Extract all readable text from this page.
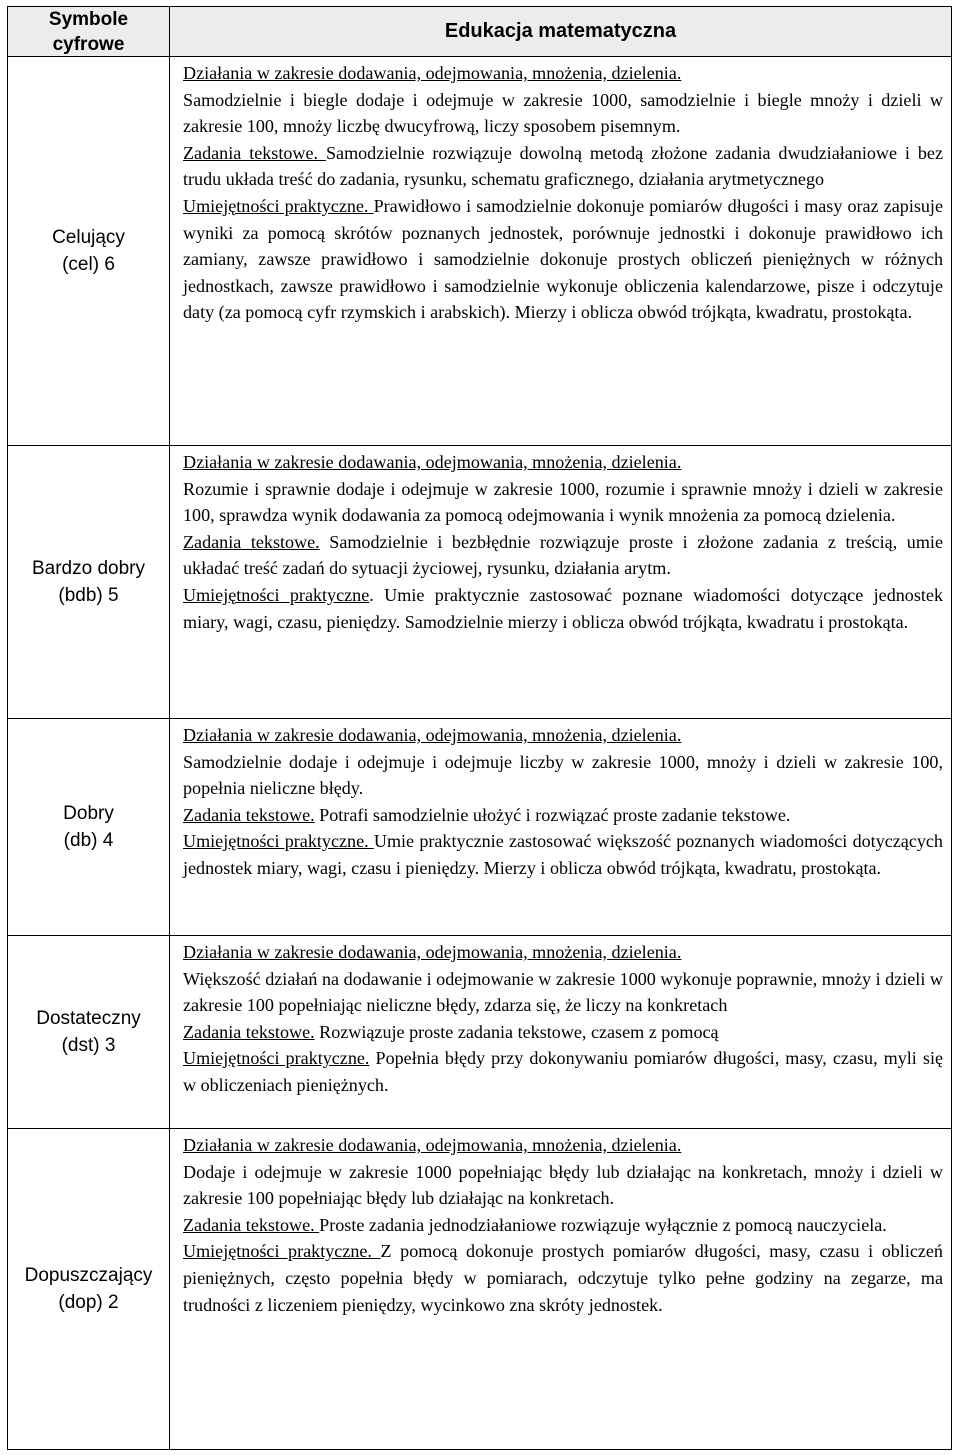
Symbole
cyfrowe
Edukacja matematyczna
Celujący
(cel) 6

Działania w zakresie dodawania, odejmowania, mnożenia, dzielenia.

Samodzielnie i biegle dodaje i odejmuje w zakresie 1000, samodzielnie i biegle mnoży i dzieli w zakresie 100, mnoży liczbę dwucyfrową, liczy sposobem pisemnym.

Zadania tekstowe. Samodzielnie rozwiązuje dowolną metodą złożone zadania dwudziałaniowe i bez trudu układa treść do zadania, rysunku, schematu graficznego, działania arytmetycznego

Umiejętności praktyczne. Prawidłowo i samodzielnie dokonuje pomiarów długości i masy oraz zapisuje wyniki za pomocą skrótów poznanych jednostek, porównuje jednostki i dokonuje prawidłowo ich zamiany, zawsze prawidłowo i samodzielnie dokonuje prostych obliczeń pieniężnych w różnych jednostkach, zawsze prawidłowo i samodzielnie wykonuje obliczenia kalendarzowe, pisze i odczytuje daty (za pomocą cyfr rzymskich i arabskich). Mierzy i oblicza obwód trójkąta, kwadratu, prostokąta.

Bardzo dobry
(bdb) 5

Działania w zakresie dodawania, odejmowania, mnożenia, dzielenia.

Rozumie i sprawnie dodaje i odejmuje w zakresie 1000, rozumie i sprawnie mnoży i dzieli w zakresie 100, sprawdza wynik dodawania za pomocą odejmowania i wynik mnożenia za pomocą dzielenia.

Zadania tekstowe. Samodzielnie i bezbłędnie rozwiązuje proste i złożone zadania z treścią, umie układać treść zadań do sytuacji życiowej, rysunku, działania arytm.

Umiejętności praktyczne. Umie praktycznie zastosować poznane wiadomości dotyczące jednostek miary, wagi, czasu, pieniędzy. Samodzielnie mierzy i oblicza obwód trójkąta, kwadratu i prostokąta.

Dobry
(db) 4

Działania w zakresie dodawania, odejmowania, mnożenia, dzielenia.

Samodzielnie dodaje i odejmuje i odejmuje liczby w zakresie 1000, mnoży i dzieli w zakresie 100, popełnia nieliczne błędy.

Zadania tekstowe. Potrafi samodzielnie ułożyć i rozwiązać proste zadanie tekstowe.

Umiejętności praktyczne. Umie praktycznie zastosować większość poznanych wiadomości dotyczących jednostek miary, wagi, czasu i pieniędzy. Mierzy i oblicza obwód trójkąta, kwadratu, prostokąta.

Dostateczny
(dst) 3

Działania w zakresie dodawania, odejmowania, mnożenia, dzielenia.

Większość działań na dodawanie i odejmowanie w zakresie 1000 wykonuje poprawnie, mnoży i dzieli w zakresie 100 popełniając nieliczne błędy, zdarza się, że liczy na konkretach

Zadania tekstowe. Rozwiązuje proste zadania tekstowe, czasem z pomocą

Umiejętności praktyczne. Popełnia błędy przy dokonywaniu pomiarów długości, masy, czasu, myli się w obliczeniach pieniężnych.

Dopuszczający
(dop) 2

Działania w zakresie dodawania, odejmowania, mnożenia, dzielenia.

Dodaje i odejmuje w zakresie 1000 popełniając błędy lub działając na konkretach, mnoży i dzieli w zakresie 100 popełniając błędy lub działając na konkretach.

Zadania tekstowe. Proste zadania jednodziałaniowe rozwiązuje wyłącznie z pomocą nauczyciela.

Umiejętności praktyczne. Z pomocą dokonuje prostych pomiarów długości, masy, czasu i obliczeń pieniężnych, często popełnia błędy w pomiarach, odczytuje tylko pełne godziny na zegarze, ma trudności z liczeniem pieniędzy, wycinkowo zna skróty jednostek.
